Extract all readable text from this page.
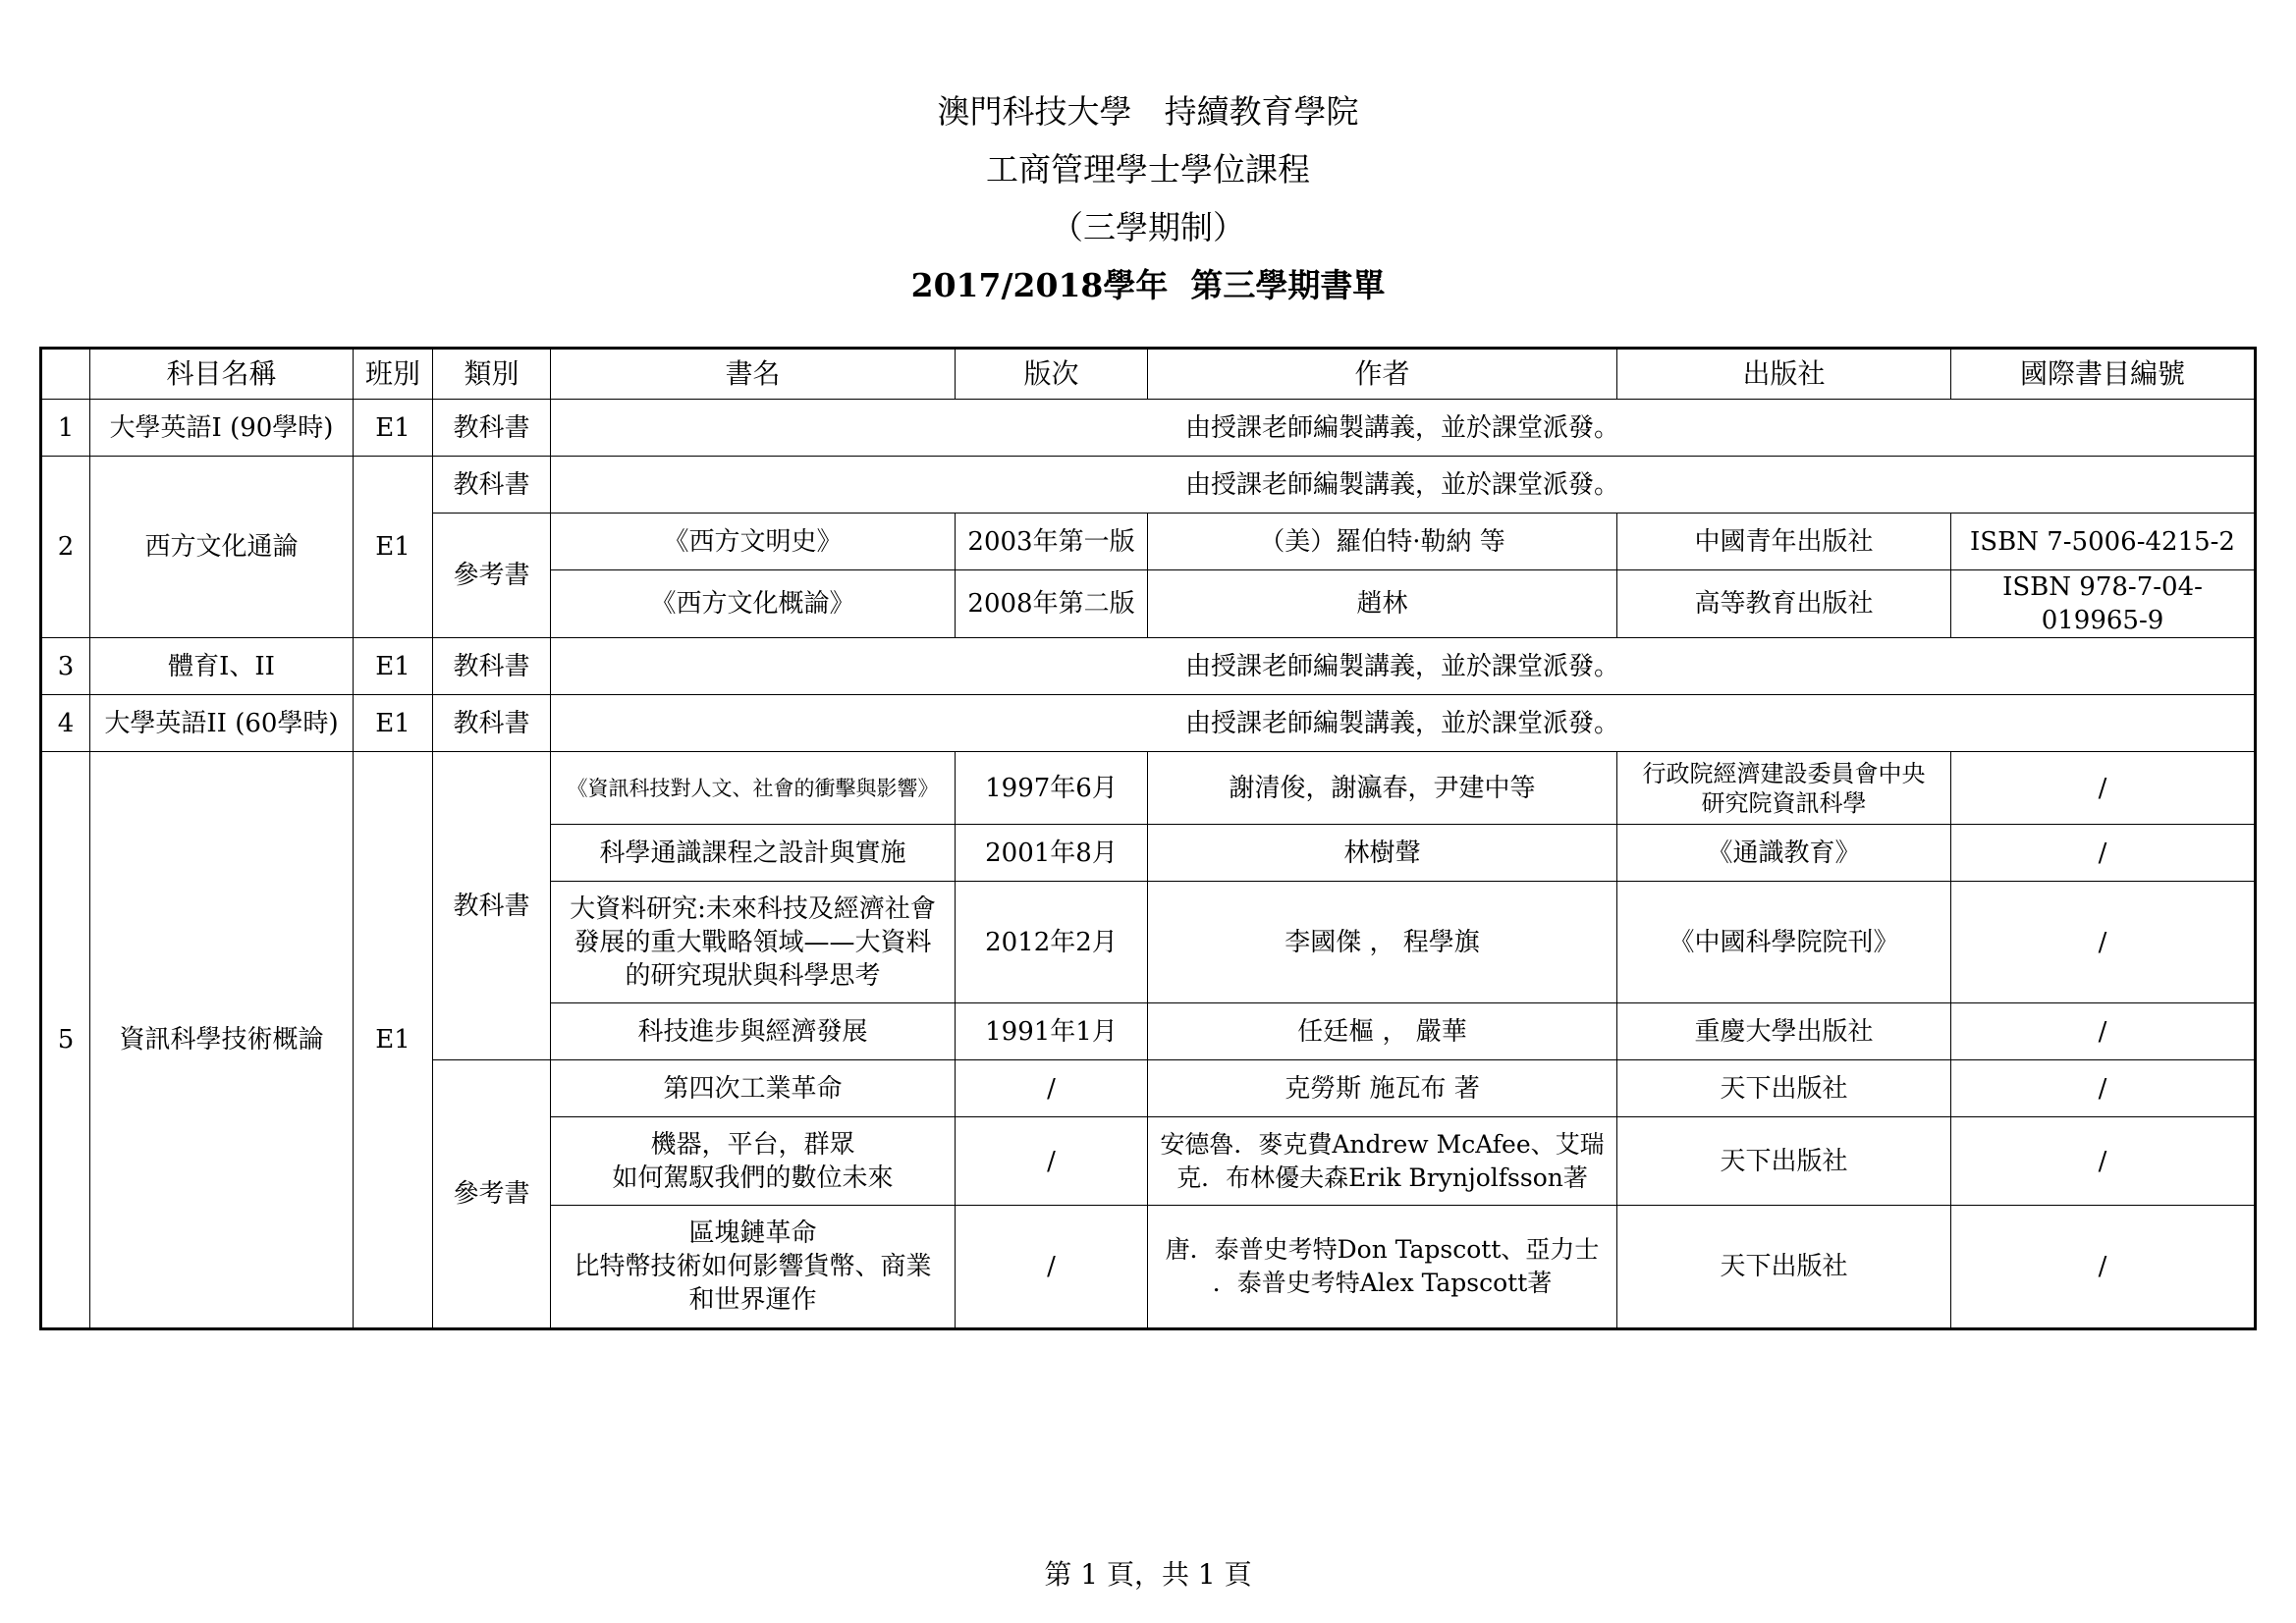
澳門科技大學　持續教育學院
工商管理學士學位課程
（三學期制）
2017/2018學年  第三學期書單
	科目名稱	班別	類別	書名	版次	作者	出版社	國際書目編號
1	大學英語I (90學時)	E1	教科書	由授課老師編製講義，並於課堂派發。				
2	西方文化通論	E1	教科書	由授課老師編製講義，並於課堂派發。				
			參考書	《西方文明史》	2003年第一版	（美）羅伯特·勒納 等	中國青年出版社	ISBN 7-5006-4215-2
				《西方文化概論》	2008年第二版	趙林	高等教育出版社	ISBN 978-7-04-019965-9
3	體育I、II	E1	教科書	由授課老師編製講義，並於課堂派發。				
4	大學英語II (60學時)	E1	教科書	由授課老師編製講義，並於課堂派發。				
5	資訊科學技術概論	E1	教科書	《資訊科技對人文、社會的衝擊與影響》	1997年6月	謝清俊，謝瀛春，尹建中等	行政院經濟建設委員會中央
研究院資訊科學	/
				科學通識課程之設計與實施	2001年8月	林樹聲	《通識教育》	/
				大資料研究:未來科技及經濟社會
發展的重大戰略領域——大資料
的研究現狀與科學思考	2012年2月	李國傑 ， 程學旗	《中國科學院院刊》	/
				科技進步與經濟發展	1991年1月	任廷樞 ， 嚴華	重慶大學出版社	/
			參考書	第四次工業革命	/	克勞斯 施瓦布 著	天下出版社	/
				機器，平台，群眾
如何駕馭我們的數位未來	/	安德魯．麥克費Andrew McAfee、艾瑞
克．布林優夫森Erik Brynjolfsson著	天下出版社	/
				區塊鏈革命
比特幣技術如何影響貨幣、商業
和世界運作	/	唐．泰普史考特Don Tapscott、亞力士
．泰普史考特Alex Tapscott著	天下出版社	/
第 1 頁，共 1 頁
